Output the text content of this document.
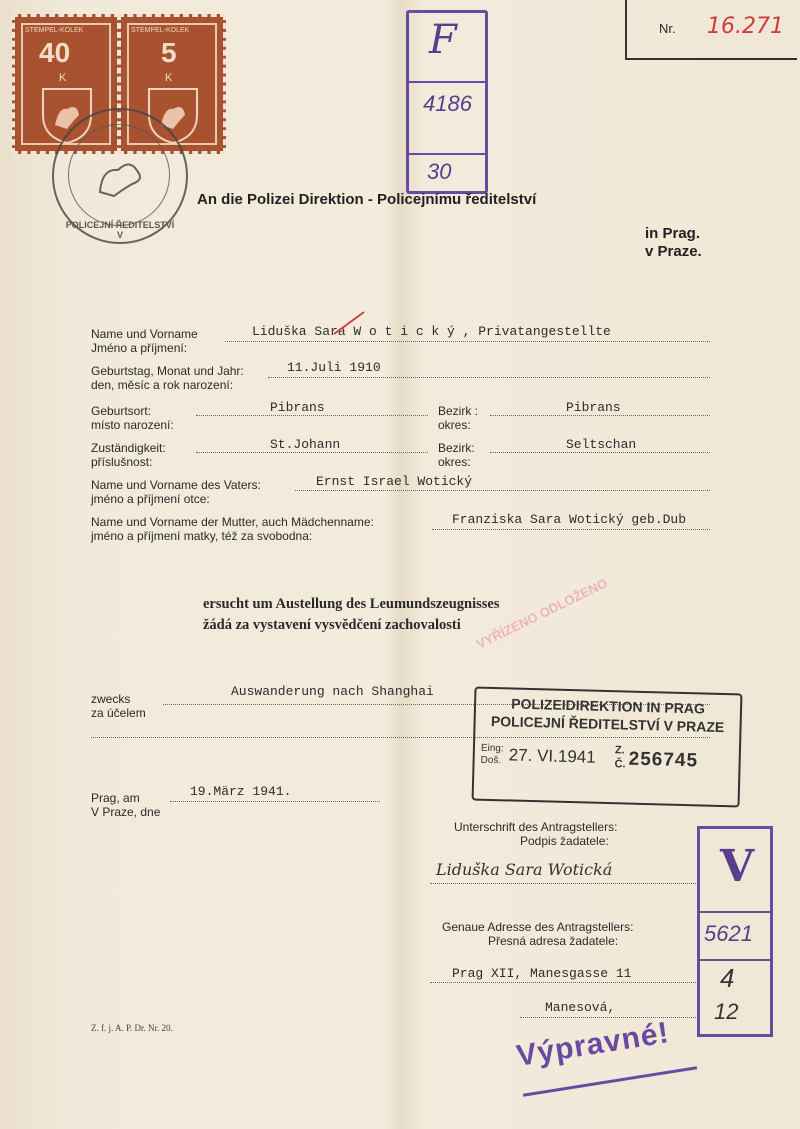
Nr. 16.271
STEMPEL-KOLEK
40
K
STEMPEL-KOLEK
5
K
POLICEJNÍ ŘEDITELSTVÍ V
F
4186
30
An die Polizei Direktion - Policejnímu ředitelství
in Prag.
v Praze.
Name und Vorname
Jméno a příjmení:
Liduška Sara W o t i c k ý , Privatangestellte
Geburtstag, Monat und Jahr:
den, měsíc a rok narození:
11.Juli 1910
Geburtsort:
místo narození:
Pibrans	Bezirk :
okres:
Pibrans
Zuständigkeit:
příslušnost:
St.Johann	Bezirk:
okres:
Seltschan
Name und Vorname des Vaters:
jméno a příjmení otce:
Ernst Israel Wotický
Name und Vorname der Mutter, auch Mädchenname:
jméno a příjmení matky, též za svobodna:
Franziska Sara Wotický geb.Dub
ersucht um Austellung des Leumundszeugnisses
žádá za vystavení vysvědčení zachovalosti VYŘÍZENO ODLOŽENO
zwecks
za účelem
Auswanderung nach Shanghai
POLIZEIDIREKTION IN PRAG
POLICEJNÍ ŘEDITELSTVÍ V PRAZE
Eing:
Doš. 27. VI.1941 Z.
Č. 256745
Prag, am
V Praze, dne
19.März 1941.
Unterschrift des Antragstellers:
Podpis žadatele:
Liduška Sara Wotická
Genaue Adresse des Antragstellers:
Přesná adresa žadatele:
Prag XII, Manesgasse 11
Manesová,
V
5621
4
12
Výpravné!
Z. f. j. A. P. Dr. Nr. 20.
